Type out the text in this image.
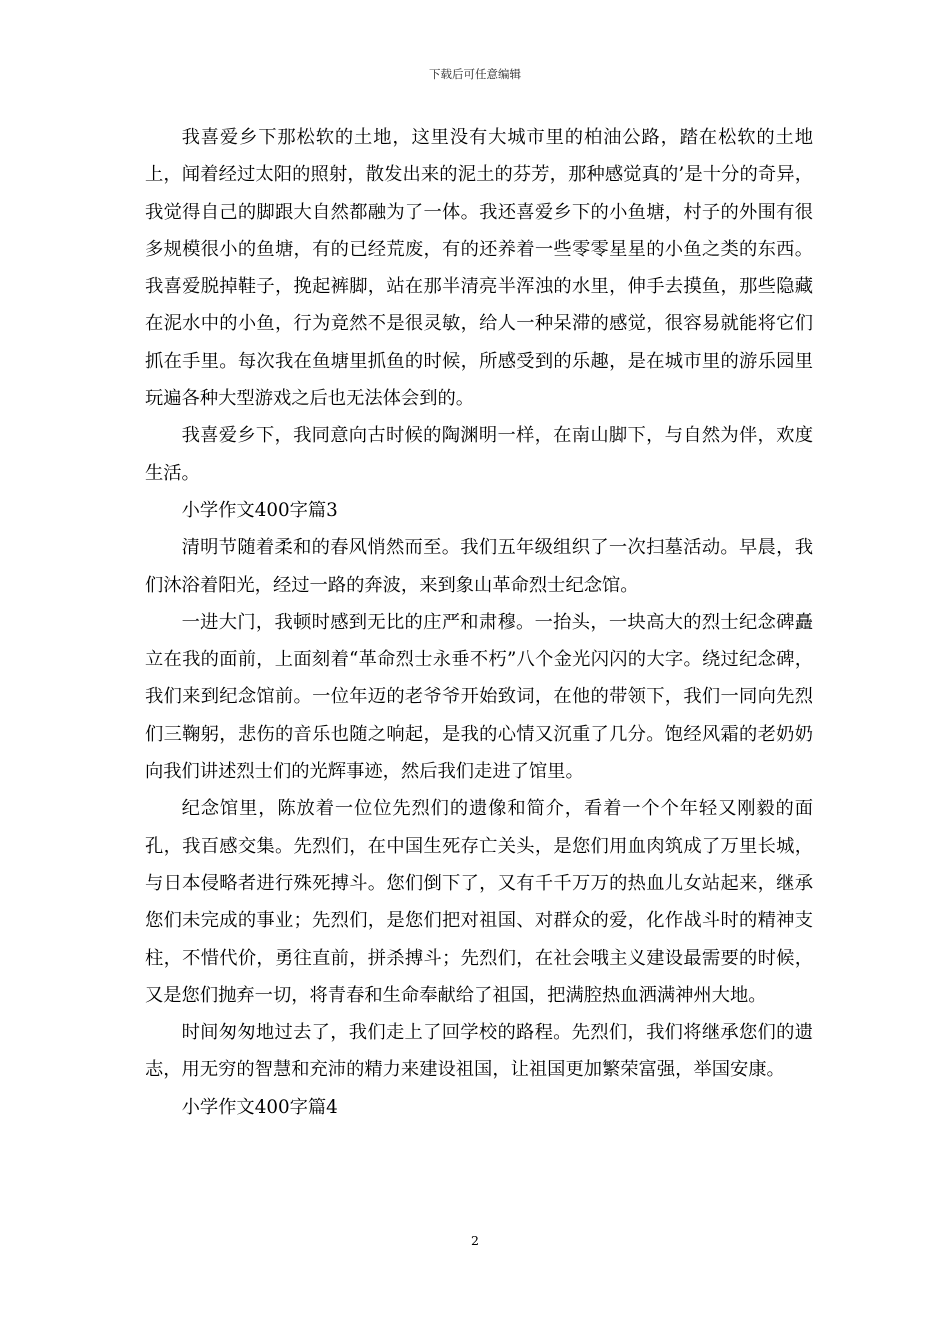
下载后可任意编辑

我喜爱乡下那松软的土地，这里没有大城市里的柏油公路，踏在松软的土地上，闻着经过太阳的照射，散发出来的泥土的芬芳，那种感觉真的’是十分的奇异，我觉得自己的脚跟大自然都融为了一体。我还喜爱乡下的小鱼塘，村子的外围有很多规模很小的鱼塘，有的已经荒废，有的还养着一些零零星星的小鱼之类的东西。我喜爱脱掉鞋子，挽起裤脚，站在那半清亮半浑浊的水里，伸手去摸鱼，那些隐藏在泥水中的小鱼，行为竟然不是很灵敏，给人一种呆滞的感觉，很容易就能将它们抓在手里。每次我在鱼塘里抓鱼的时候，所感受到的乐趣，是在城市里的游乐园里玩遍各种大型游戏之后也无法体会到的。

我喜爱乡下，我同意向古时候的陶渊明一样，在南山脚下，与自然为伴，欢度生活。

小学作文400字篇3

清明节随着柔和的春风悄然而至。我们五年级组织了一次扫墓活动。早晨，我们沐浴着阳光，经过一路的奔波，来到象山革命烈士纪念馆。

一进大门，我顿时感到无比的庄严和肃穆。一抬头，一块高大的烈士纪念碑矗立在我的面前，上面刻着“革命烈士永垂不朽”八个金光闪闪的大字。绕过纪念碑，我们来到纪念馆前。一位年迈的老爷爷开始致词，在他的带领下，我们一同向先烈们三鞠躬，悲伤的音乐也随之响起，是我的心情又沉重了几分。饱经风霜的老奶奶向我们讲述烈士们的光辉事迹，然后我们走进了馆里。

纪念馆里，陈放着一位位先烈们的遗像和简介，看着一个个年轻又刚毅的面孔，我百感交集。先烈们，在中国生死存亡关头，是您们用血肉筑成了万里长城，与日本侵略者进行殊死搏斗。您们倒下了，又有千千万万的热血儿女站起来，继承您们未完成的事业；先烈们，是您们把对祖国、对群众的爱，化作战斗时的精神支柱，不惜代价，勇往直前，拼杀搏斗；先烈们，在社会哦主义建设最需要的时候，又是您们抛弃一切，将青春和生命奉献给了祖国，把满腔热血洒满神州大地。

时间匆匆地过去了，我们走上了回学校的路程。先烈们，我们将继承您们的遗志，用无穷的智慧和充沛的精力来建设祖国，让祖国更加繁荣富强，举国安康。

小学作文400字篇4

2
